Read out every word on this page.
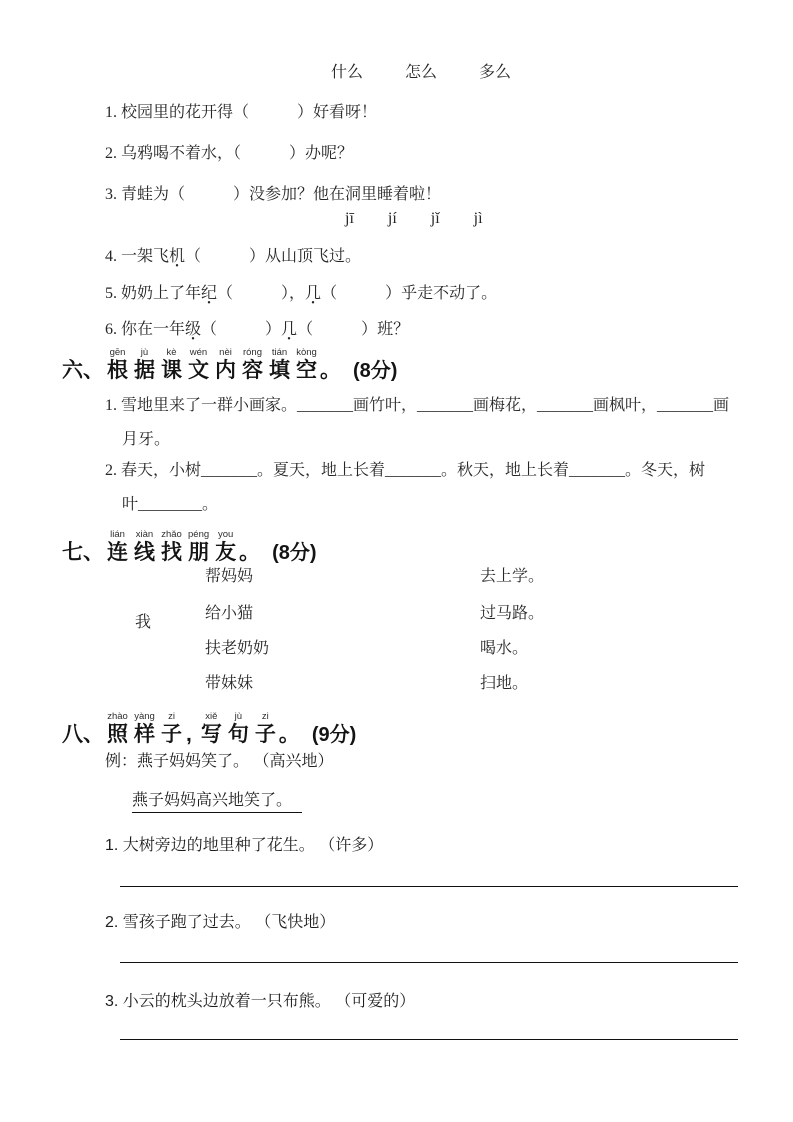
什么	怎么	多么
1. 校园里的花开得（　　　）好看呀！
2. 乌鸦喝不着水，（　　　）办呢？
3. 青蛙为（　　　）没参加？他在洞里睡着啦！
jī jí jǐ jì
4. 一架飞机（　　　）从山顶飞过。
5. 奶奶上了年纪（　　　），几（　　　）乎走不动了。
6. 你在一年级（　　　）几（　　　）班？
六、
gēn
根
jù
据
kè
课
wén
文
nèi
内
róng
容
tián
填
kòng
空 。 (8分)
1. 雪地里来了一群小画家。_______画竹叶，_______画梅花，_______画枫叶，_______画
月牙。
2. 春天，小树_______。夏天，地上长着_______。秋天，地上长着_______。冬天，树
叶________。
七、
lián
连
xiàn
线
zhǎo
找
péng
朋
you
友 。 (8分)
我
帮妈妈
给小猫
扶老奶奶
带妹妹
去上学。
过马路。
喝水。
扫地。
八、
zhào
照
yàng
样
zi
子 ,
xiě
写
jù
句
zi
子 。 (9分)
例：燕子妈妈笑了。 （高兴地）
燕子妈妈高兴地笑了。
1. 大树旁边的地里种了花生。 （许多）
2. 雪孩子跑了过去。 （飞快地）
3. 小云的枕头边放着一只布熊。 （可爱的）
